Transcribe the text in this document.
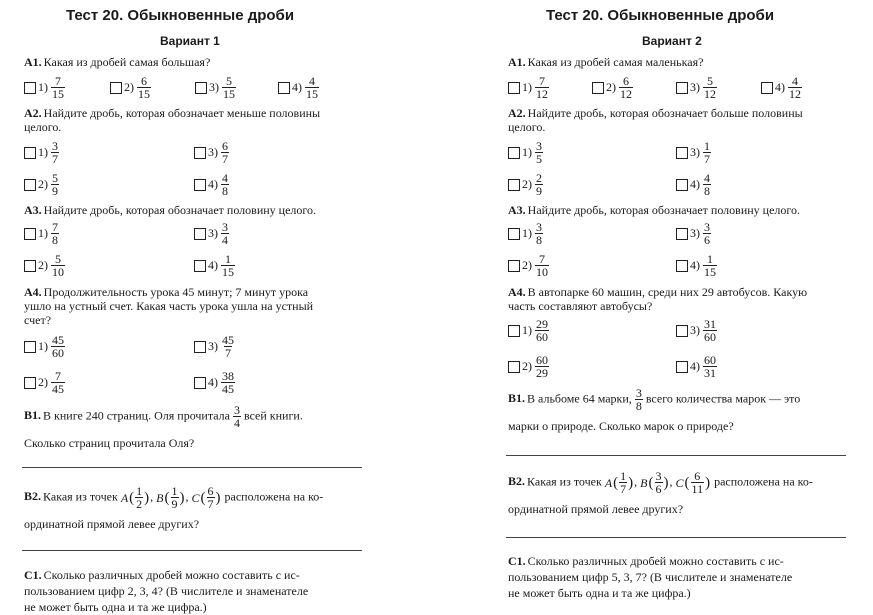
Тест 20. Обыкновенные дроби
Вариант 1
А1. Какая из дробей самая большая?
$1) \frac{7}{15}$	$2) \frac{6}{15}$	$3) \frac{5}{15}$	$4) \frac{4}{15}$
А2. Найдите дробь, которая обозначает меньше половины
целого.
$1) \frac{3}{7}$	$3) \frac{6}{7}$
$2) \frac{5}{9}$	$4) \frac{4}{8}$
А3. Найдите дробь, которая обозначает половину целого.
$1) \frac{7}{8}$	$3) \frac{3}{4}$
$2) \frac{5}{10}$	$4) \frac{1}{15}$
А4. Продолжительность урока 45 минут; 7 минут урока
ушло на устный счет. Какая часть урока ушла на устный
счет?
$1) \frac{45}{60}$	$3) \frac{45}{7}$
$2) \frac{7}{45}$	$4) \frac{38}{45}$
В1. В книге 240 страниц. Оля прочитала $\frac{3}{4}$ всей книги.
Сколько страниц прочитала Оля?
В2. Какая из точек A ( $\frac{1}{2}$ ) , B ( $\frac{1}{9}$ ) , C ( $\frac{6}{7}$ ) расположена на ко-
ординатной прямой левее других?
С1. Сколько различных дробей можно составить с ис-
пользованием цифр 2, 3, 4? (В числителе и знаменателе
не может быть одна и та же цифра.)
Тест 20. Обыкновенные дроби
Вариант 2
А1. Какая из дробей самая маленькая?
$1) \frac{7}{12}$	$2) \frac{6}{12}$	$3) \frac{5}{12}$	$4) \frac{4}{12}$
А2. Найдите дробь, которая обозначает больше половины
целого.
$1) \frac{3}{5}$	$3) \frac{1}{7}$
$2) \frac{2}{9}$	$4) \frac{4}{8}$
А3. Найдите дробь, которая обозначает половину целого.
$1) \frac{3}{8}$	$3) \frac{3}{6}$
$2) \frac{7}{10}$	$4) \frac{1}{15}$
А4. В автопарке 60 машин, среди них 29 автобусов. Какую
часть составляют автобусы?
$1) \frac{29}{60}$	$3) \frac{31}{60}$
$2) \frac{60}{29}$	$4) \frac{60}{31}$
В1. В альбоме 64 марки, $\frac{3}{8}$ всего количества марок — это
марки о природе. Сколько марок о природе?
В2. Какая из точек A ( $\frac{1}{7}$ ) , B ( $\frac{3}{6}$ ) , C ( $\frac{6}{11}$ ) расположена на ко-
ординатной прямой левее других?
С1. Сколько различных дробей можно составить с ис-
пользованием цифр 5, 3, 7? (В числителе и знаменателе
не может быть одна и та же цифра.)
